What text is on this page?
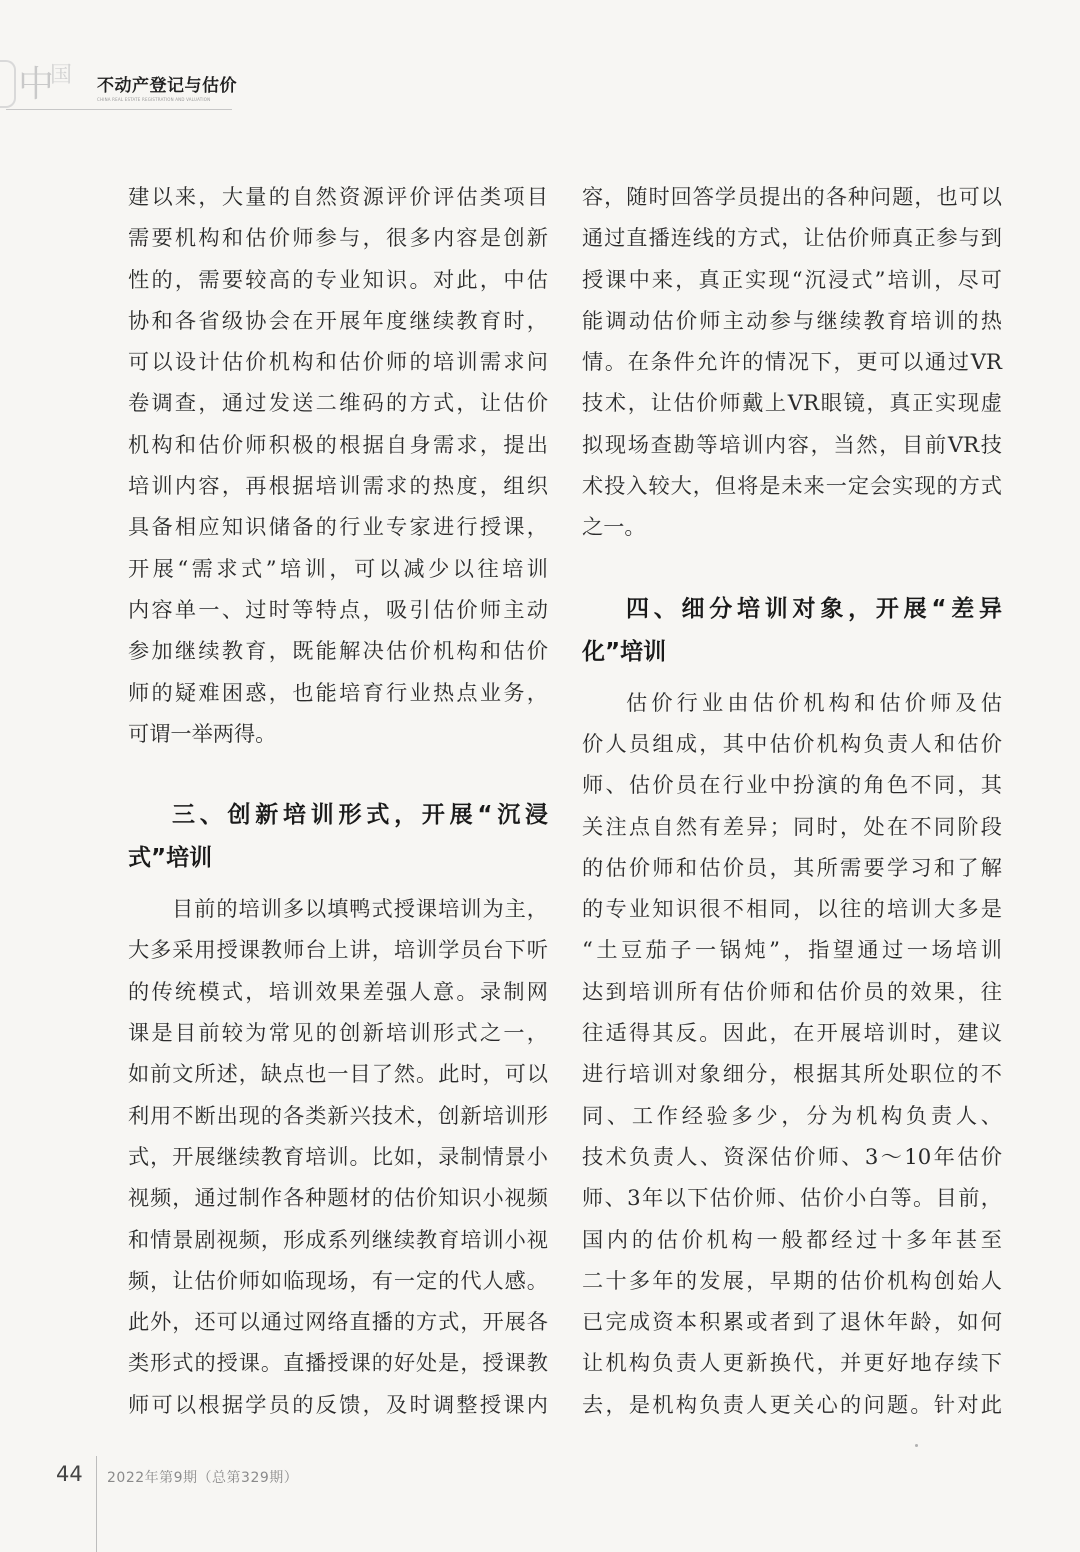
中
国 不动产登记与估价
CHINA REAL ESTATE REGISTRATION AND VALUATION
建以来，大量的自然资源评价评估类项目
需要机构和估价师参与，很多内容是创新
性的，需要较高的专业知识。对此，中估
协和各省级协会在开展年度继续教育时，
可以设计估价机构和估价师的培训需求问
卷调查，通过发送二维码的方式，让估价
机构和估价师积极的根据自身需求，提出
培训内容，再根据培训需求的热度，组织
具备相应知识储备的行业专家进行授课，
开展“需求式”培训，可以减少以往培训
内容单一、过时等特点，吸引估价师主动
参加继续教育，既能解决估价机构和估价
师的疑难困惑，也能培育行业热点业务，
可谓一举两得。
三、创新培训形式，开展“沉浸
式”培训
目前的培训多以填鸭式授课培训为主，
大多采用授课教师台上讲，培训学员台下听
的传统模式，培训效果差强人意。录制网
课是目前较为常见的创新培训形式之一，
如前文所述，缺点也一目了然。此时，可以
利用不断出现的各类新兴技术，创新培训形
式，开展继续教育培训。比如，录制情景小
视频，通过制作各种题材的估价知识小视频
和情景剧视频，形成系列继续教育培训小视
频，让估价师如临现场，有一定的代人感。
此外，还可以通过网络直播的方式，开展各
类形式的授课。直播授课的好处是，授课教
师可以根据学员的反馈，及时调整授课内
容，随时回答学员提出的各种问题，也可以
通过直播连线的方式，让估价师真正参与到
授课中来，真正实现“沉浸式”培训，尽可
能调动估价师主动参与继续教育培训的热
情。在条件允许的情况下，更可以通过VR
技术，让估价师戴上VR眼镜，真正实现虚
拟现场查勘等培训内容，当然，目前VR技
术投入较大，但将是未来一定会实现的方式
之一。
四、细分培训对象，开展“差异
化”培训
估价行业由估价机构和估价师及估
价人员组成，其中估价机构负责人和估价
师、估价员在行业中扮演的角色不同，其
关注点自然有差异；同时，处在不同阶段
的估价师和估价员，其所需要学习和了解
的专业知识很不相同，以往的培训大多是
“土豆茄子一锅炖”，指望通过一场培训
达到培训所有估价师和估价员的效果，往
往适得其反。因此，在开展培训时，建议
进行培训对象细分，根据其所处职位的不
同、工作经验多少，分为机构负责人、
技术负责人、资深估价师、3～10年估价
师、3年以下估价师、估价小白等。目前，
国内的估价机构一般都经过十多年甚至
二十多年的发展，早期的估价机构创始人
已完成资本积累或者到了退休年龄，如何
让机构负责人更新换代，并更好地存续下
去，是机构负责人更关心的问题。针对此
44 2022年第9期（总第329期）
